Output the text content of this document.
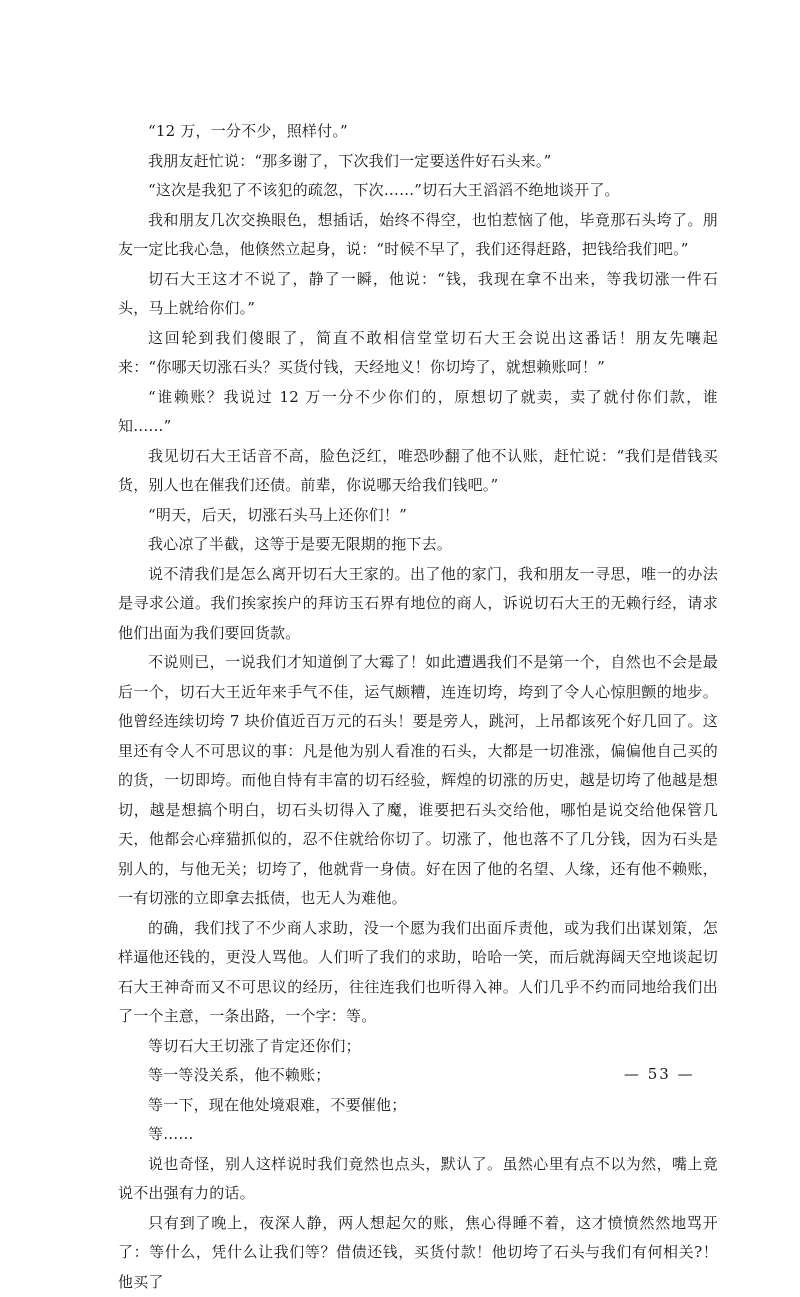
“12 万，一分不少，照样付。”

我朋友赶忙说：“那多谢了，下次我们一定要送件好石头来。”

“这次是我犯了不该犯的疏忽，下次……”切石大王滔滔不绝地谈开了。

我和朋友几次交换眼色，想插话，始终不得空，也怕惹恼了他，毕竟那石头垮了。朋友一定比我心急，他倏然立起身，说：“时候不早了，我们还得赶路，把钱给我们吧。”

切石大王这才不说了，静了一瞬，他说：“钱，我现在拿不出来，等我切涨一件石头，马上就给你们。”

这回轮到我们傻眼了，简直不敢相信堂堂切石大王会说出这番话！朋友先嚷起来：“你哪天切涨石头？买货付钱，天经地义！你切垮了，就想赖账呵！”

“谁赖账？我说过 12 万一分不少你们的，原想切了就卖，卖了就付你们款，谁知……”

我见切石大王话音不高，脸色泛红，唯恐吵翻了他不认账，赶忙说：“我们是借钱买货，别人也在催我们还债。前辈，你说哪天给我们钱吧。”

“明天，后天，切涨石头马上还你们！”

我心凉了半截，这等于是要无限期的拖下去。

说不清我们是怎么离开切石大王家的。出了他的家门，我和朋友一寻思，唯一的办法是寻求公道。我们挨家挨户的拜访玉石界有地位的商人，诉说切石大王的无赖行经，请求他们出面为我们要回货款。

不说则已，一说我们才知道倒了大霉了！如此遭遇我们不是第一个，自然也不会是最后一个，切石大王近年来手气不佳，运气颇糟，连连切垮，垮到了令人心惊胆颤的地步。他曾经连续切垮 7 块价值近百万元的石头！要是旁人，跳河，上吊都该死个好几回了。这里还有令人不可思议的事：凡是他为别人看准的石头，大都是一切准涨，偏偏他自己买的的货，一切即垮。而他自恃有丰富的切石经验，辉煌的切涨的历史，越是切垮了他越是想切，越是想搞个明白，切石头切得入了魔，谁要把石头交给他，哪怕是说交给他保管几天，他都会心痒猫抓似的，忍不住就给你切了。切涨了，他也落不了几分钱，因为石头是别人的，与他无关；切垮了，他就背一身债。好在因了他的名望、人缘，还有他不赖账，一有切涨的立即拿去抵债，也无人为难他。

的确，我们找了不少商人求助，没一个愿为我们出面斥责他，或为我们出谋划策，怎样逼他还钱的，更没人骂他。人们听了我们的求助，哈哈一笑，而后就海阔天空地谈起切石大王神奇而又不可思议的经历，往往连我们也听得入神。人们几乎不约而同地给我们出了一个主意，一条出路，一个字：等。

等切石大王切涨了肯定还你们；

等一等没关系，他不赖账；

等一下，现在他处境艰难，不要催他；

等……

说也奇怪，别人这样说时我们竟然也点头，默认了。虽然心里有点不以为然，嘴上竟说不出强有力的话。

只有到了晚上，夜深人静，两人想起欠的账，焦心得睡不着，这才愤愤然然地骂开了：等什么，凭什么让我们等？借债还钱，买货付款！他切垮了石头与我们有何相关?！他买了

— 53 —
